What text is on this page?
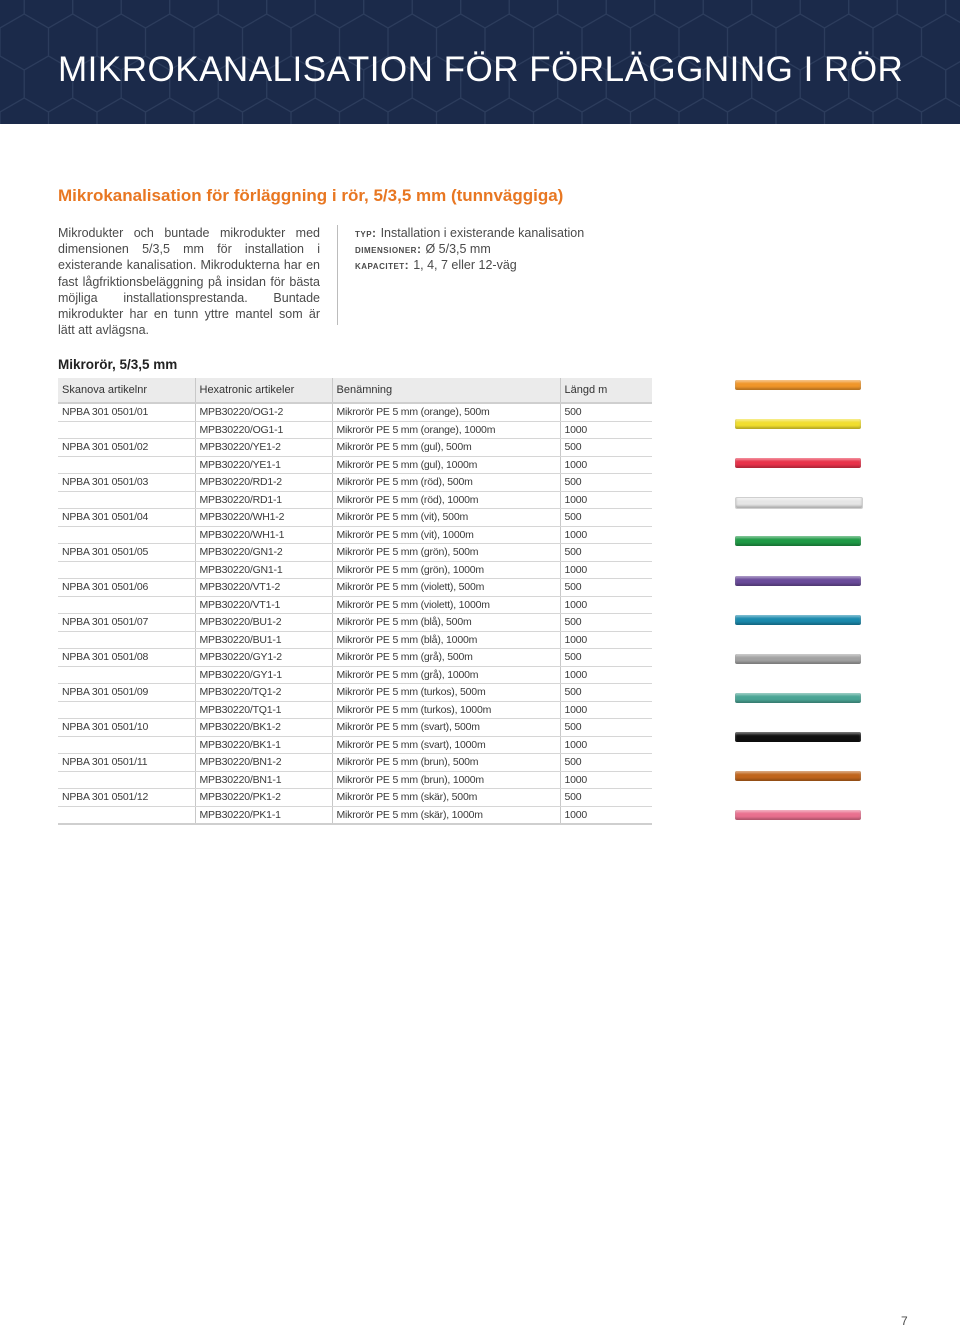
MIKROKANALISATION FÖR FÖRLÄGGNING I RÖR
Mikrokanalisation för förläggning i rör, 5/3,5 mm (tunnväggiga)
Mikrodukter och buntade mikrodukter med dimensionen 5/3,5 mm för installation i existerande kanalisation. Mikrodukterna har en fast lågfriktionsbeläggning på insidan för bästa möjliga installationsprestanda. Buntade mikrodukter har en tunn yttre mantel som är lätt att avlägsna.
typ: Installation i existerande kanalisation
dimensioner: Ø 5/3,5 mm
kapacitet: 1, 4, 7 eller 12-väg
Mikrorör, 5/3,5 mm
Skanova artikelnr	Hexatronic artikeler	Benämning	Längd m
NPBA 301 0501/01	MPB30220/OG1-2	Mikrorör PE 5 mm (orange), 500m	500
	MPB30220/OG1-1	Mikrorör PE 5 mm (orange), 1000m	1000
NPBA 301 0501/02	MPB30220/YE1-2	Mikrorör PE 5 mm (gul), 500m	500
	MPB30220/YE1-1	Mikrorör PE 5 mm (gul), 1000m	1000
NPBA 301 0501/03	MPB30220/RD1-2	Mikrorör PE 5 mm (röd), 500m	500
	MPB30220/RD1-1	Mikrorör PE 5 mm (röd), 1000m	1000
NPBA 301 0501/04	MPB30220/WH1-2	Mikrorör PE 5 mm (vit), 500m	500
	MPB30220/WH1-1	Mikrorör PE 5 mm (vit), 1000m	1000
NPBA 301 0501/05	MPB30220/GN1-2	Mikrorör PE 5 mm (grön), 500m	500
	MPB30220/GN1-1	Mikrorör PE 5 mm (grön), 1000m	1000
NPBA 301 0501/06	MPB30220/VT1-2	Mikrorör PE 5 mm (violett), 500m	500
	MPB30220/VT1-1	Mikrorör PE 5 mm (violett), 1000m	1000
NPBA 301 0501/07	MPB30220/BU1-2	Mikrorör PE 5 mm (blå), 500m	500
	MPB30220/BU1-1	Mikrorör PE 5 mm (blå), 1000m	1000
NPBA 301 0501/08	MPB30220/GY1-2	Mikrorör PE 5 mm (grå), 500m	500
	MPB30220/GY1-1	Mikrorör PE 5 mm (grå), 1000m	1000
NPBA 301 0501/09	MPB30220/TQ1-2	Mikrorör PE 5 mm (turkos), 500m	500
	MPB30220/TQ1-1	Mikrorör PE 5 mm (turkos), 1000m	1000
NPBA 301 0501/10	MPB30220/BK1-2	Mikrorör PE 5 mm (svart), 500m	500
	MPB30220/BK1-1	Mikrorör PE 5 mm (svart), 1000m	1000
NPBA 301 0501/11	MPB30220/BN1-2	Mikrorör PE 5 mm (brun), 500m	500
	MPB30220/BN1-1	Mikrorör PE 5 mm (brun), 1000m	1000
NPBA 301 0501/12	MPB30220/PK1-2	Mikrorör PE 5 mm (skär), 500m	500
	MPB30220/PK1-1	Mikrorör PE 5 mm (skär), 1000m	1000
7
